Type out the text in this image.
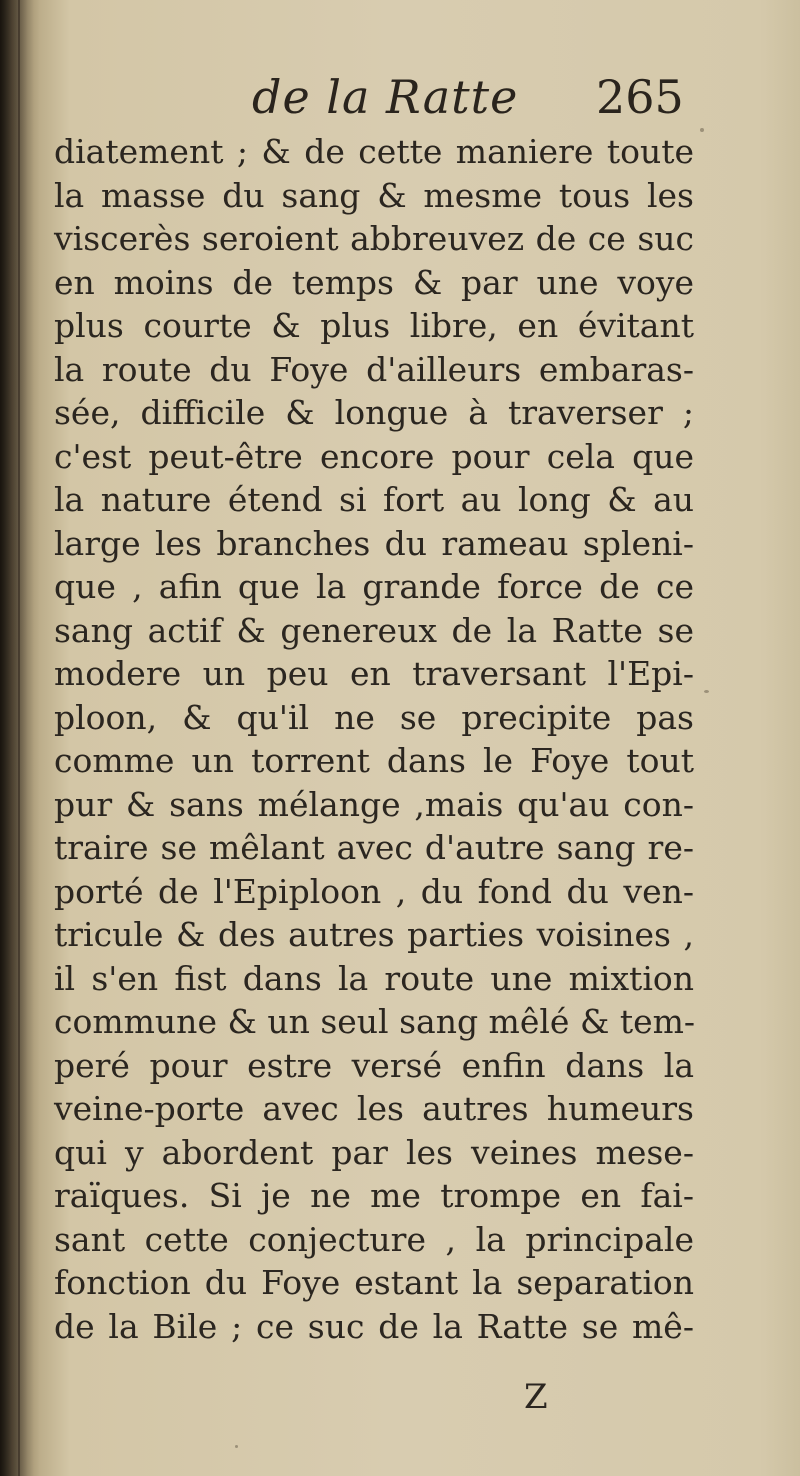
de la Ratte 265
diatement ; & de cette maniere toute
la masse du sang & mesme tous les
viscerès seroient abbreuvez de ce suc
en moins de temps & par une voye
plus courte & plus libre, en évitant
la route du Foye d'ailleurs embaras-
sée, difficile & longue à traverser ;
c'est peut-être encore pour cela que
la nature étend si fort au long & au
large les branches du rameau spleni-
que , afin que la grande force de ce
sang actif & genereux de la Ratte se
modere un peu en traversant l'Epi-
ploon, & qu'il ne se precipite pas
comme un torrent dans le Foye tout
pur & sans mélange ,mais qu'au con-
traire se mêlant avec d'autre sang re-
porté de l'Epiploon , du fond du ven-
tricule & des autres parties voisines ,
il s'en fist dans la route une mixtion
commune & un seul sang mêlé & tem-
peré pour estre versé enfin dans la
veine-porte avec les autres humeurs
qui y abordent par les veines mese-
raïques. Si je ne me trompe en fai-
sant cette conjecture , la principale
fonction du Foye estant la separation
de la Bile ; ce suc de la Ratte se mê-
Z
